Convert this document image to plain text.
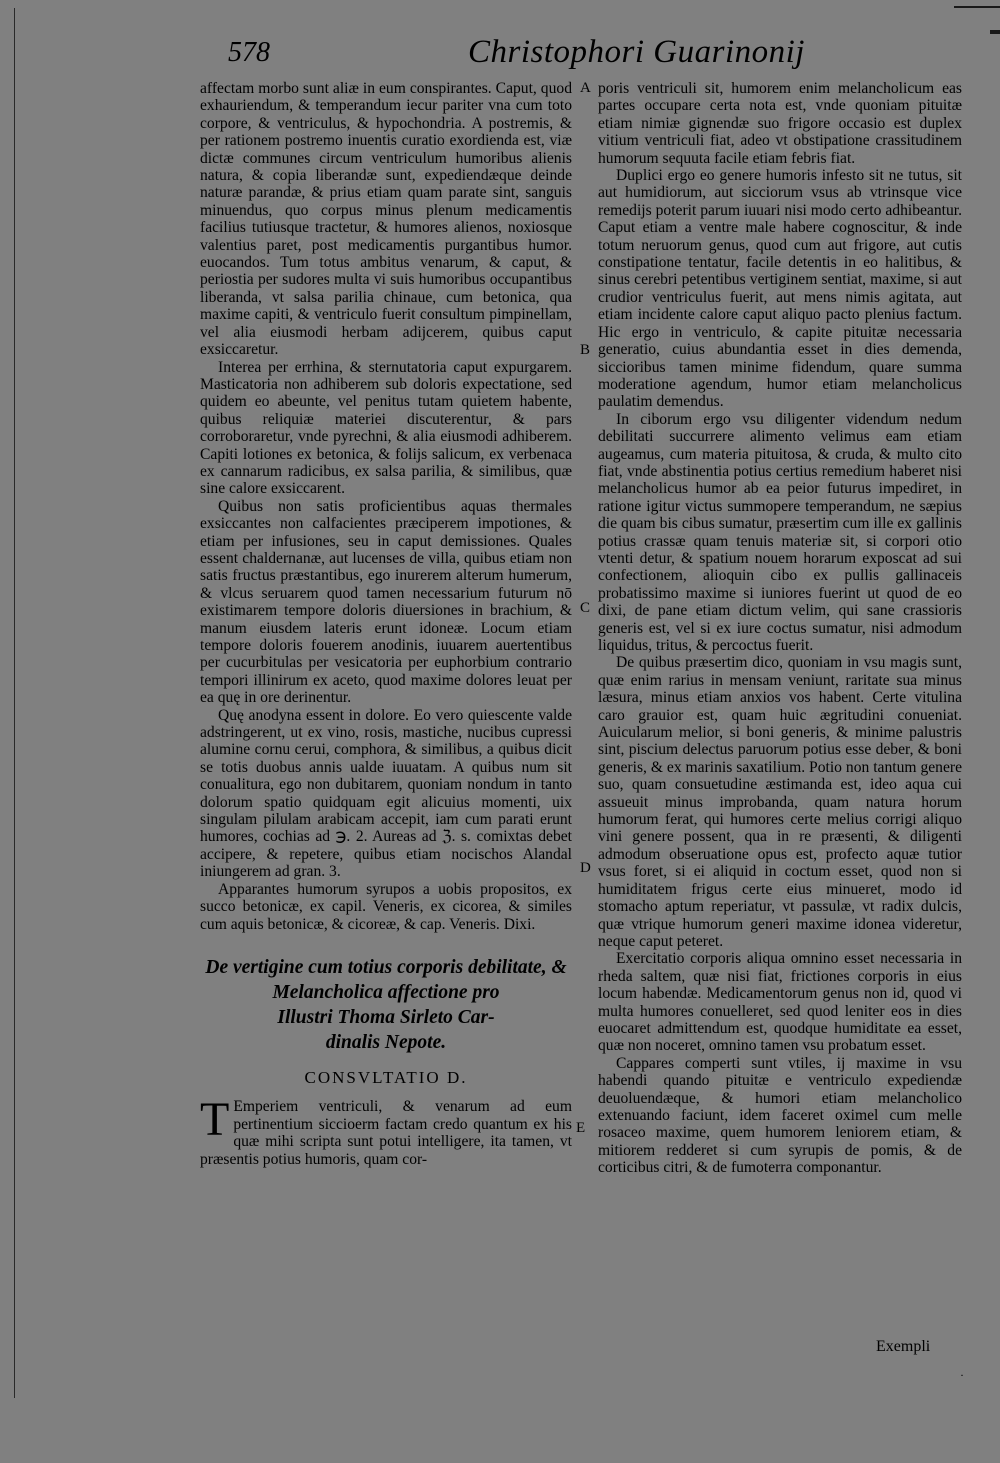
578	Christophori Guarinonij
A
B
C
D
E

affectam morbo sunt aliæ in eum conspirantes. Caput, quod exhauriendum, & temperandum iecur pariter vna cum toto corpore, & ventriculus, & hypochondria. A postremis, & per rationem postremo inuentis curatio exordienda est, viæ dictæ communes circum ventriculum humoribus alienis natura, & copia liberandæ sunt, expediendæque deinde naturæ parandæ, & prius etiam quam parate sint, sanguis minuendus, quo corpus minus plenum medicamentis facilius tutiusque tractetur, & humores alienos, noxiosque valentius paret, post medicamentis purgantibus humor. euocandos. Tum totus ambitus venarum, & caput, & periostia per sudores multa vi suis humoribus occupantibus liberanda, vt salsa parilia chinaue, cum betonica, qua maxime capiti, & ventriculo fuerit consultum pimpinellam, vel alia eiusmodi herbam adijcerem, quibus caput exsiccaretur.

Interea per errhina, & sternutatoria caput expurgarem. Masticatoria non adhiberem sub doloris expectatione, sed quidem eo abeunte, vel penitus tutam quietem habente, quibus reliquiæ materiei discuterentur, & pars corroboraretur, vnde pyrechni, & alia eiusmodi adhiberem. Capiti lotiones ex betonica, & folijs salicum, ex verbenaca ex cannarum radicibus, ex salsa parilia, & similibus, quæ sine calore exsiccarent.

Quibus non satis proficientibus aquas thermales exsiccantes non calfacientes præciperem impotiones, & etiam per infusiones, seu in caput demissiones. Quales essent chaldernanæ, aut lucenses de villa, quibus etiam non satis fructus præstantibus, ego inurerem alterum humerum, & vlcus seruarem quod tamen necessarium futurum nō existimarem tempore doloris diuersiones in brachium, & manum eiusdem lateris erunt idoneæ. Locum etiam tempore doloris fouerem anodinis, iuuarem auertentibus per cucurbitulas per vesicatoria per euphorbium contrario tempori illinirum ex aceto, quod maxime dolores leuat per ea quę in ore derinentur.

Quę anodyna essent in dolore. Eo vero quiescente valde adstringerent, ut ex vino, rosis, mastiche, nucibus cupressi alumine cornu cerui, comphora, & similibus, a quibus dicit se totis duobus annis ualde iuuatam. A quibus num sit conualitura, ego non dubitarem, quoniam nondum in tanto dolorum spatio quidquam egit alicuius momenti, uix singulam pilulam arabicam accepit, iam cum parati erunt humores, cochias ad ℈. 2. Aureas ad ℨ. s. comixtas debet accipere, & repetere, quibus etiam nocischos Alandal iniungerem ad gran. 3.

Apparantes humorum syrupos a uobis propositos, ex succo betonicæ, ex capil. Veneris, ex cicorea, & similes cum aquis betonicæ, & cicoreæ, & cap. Veneris. Dixi.

De vertigine cum totius corporis debilitate, & Melancholica affectione pro
Illustri Thoma Sirleto Car-
dinalis Nepote.
CONSVLTATIO D.

T Emperiem ventriculi, & venarum ad eum pertinentium siccioerm factam credo quantum ex his quæ mihi scripta sunt potui intelligere, ita tamen, vt præsentis potius humoris, quam cor-

poris ventriculi sit, humorem enim melancholicum eas partes occupare certa nota est, vnde quoniam pituitæ etiam nimiæ gignendæ suo frigore occasio est duplex vitium ventriculi fiat, adeo vt obstipatione crassitudinem humorum sequuta facile etiam febris fiat.

Duplici ergo eo genere humoris infesto sit ne tutus, sit aut humidiorum, aut sicciorum vsus ab vtrinsque vice remedijs poterit parum iuuari nisi modo certo adhibeantur. Caput etiam a ventre male habere cognoscitur, & inde totum neruorum genus, quod cum aut frigore, aut cutis constipatione tentatur, facile detentis in eo halitibus, & sinus cerebri petentibus vertiginem sentiat, maxime, si aut crudior ventriculus fuerit, aut mens nimis agitata, aut etiam incidente calore caput aliquo pacto plenius factum. Hic ergo in ventriculo, & capite pituitæ necessaria generatio, cuius abundantia esset in dies demenda, siccioribus tamen minime fidendum, quare summa moderatione agendum, humor etiam melancholicus paulatim demendus.

In ciborum ergo vsu diligenter videndum nedum debilitati succurrere alimento velimus eam etiam augeamus, cum materia pituitosa, & cruda, & multo cito fiat, vnde abstinentia potius certius remedium haberet nisi melancholicus humor ab ea peior futurus impediret, in ratione igitur victus summopere temperandum, ne sæpius die quam bis cibus sumatur, præsertim cum ille ex gallinis potius crassæ quam tenuis materiæ sit, si corpori otio vtenti detur, & spatium nouem horarum exposcat ad sui confectionem, alioquin cibo ex pullis gallinaceis probatissimo maxime si iuniores fuerint ut quod de eo dixi, de pane etiam dictum velim, qui sane crassioris generis est, vel si ex iure coctus sumatur, nisi admodum liquidus, tritus, & percoctus fuerit.

De quibus præsertim dico, quoniam in vsu magis sunt, quæ enim rarius in mensam veniunt, raritate sua minus læsura, minus etiam anxios vos habent. Certe vitulina caro grauior est, quam huic ægritudini conueniat. Auicularum melior, si boni generis, & minime palustris sint, piscium delectus paruorum potius esse deber, & boni generis, & ex marinis saxatilium. Potio non tantum genere suo, quam consuetudine æstimanda est, ideo aqua cui assueuit minus improbanda, quam natura horum humorum ferat, qui humores certe melius corrigi aliquo vini genere possent, qua in re præsenti, & diligenti admodum obseruatione opus est, profecto aquæ tutior vsus foret, si ei aliquid in coctum esset, quod non si humiditatem frigus certe eius minueret, modo id stomacho aptum reperiatur, vt passulæ, vt radix dulcis, quæ vtrique humorum generi maxime idonea videretur, neque caput peteret.

Exercitatio corporis aliqua omnino esset necessaria in rheda saltem, quæ nisi fiat, frictiones corporis in eius locum habendæ. Medicamentorum genus non id, quod vi multa humores conuelleret, sed quod leniter eos in dies euocaret admittendum est, quodque humiditate ea esset, quæ non noceret, omnino tamen vsu probatum esset.

Cappares comperti sunt vtiles, ij maxime in vsu habendi quando pituitæ e ventriculo expediendæ deuoluendæque, & humori etiam melancholico extenuando faciunt, idem faceret oximel cum melle rosaceo maxime, quem humorem leniorem etiam, & mitiorem redderet si cum syrupis de pomis, & de corticibus citri, & de fumoterra componantur.

Exempli
·
